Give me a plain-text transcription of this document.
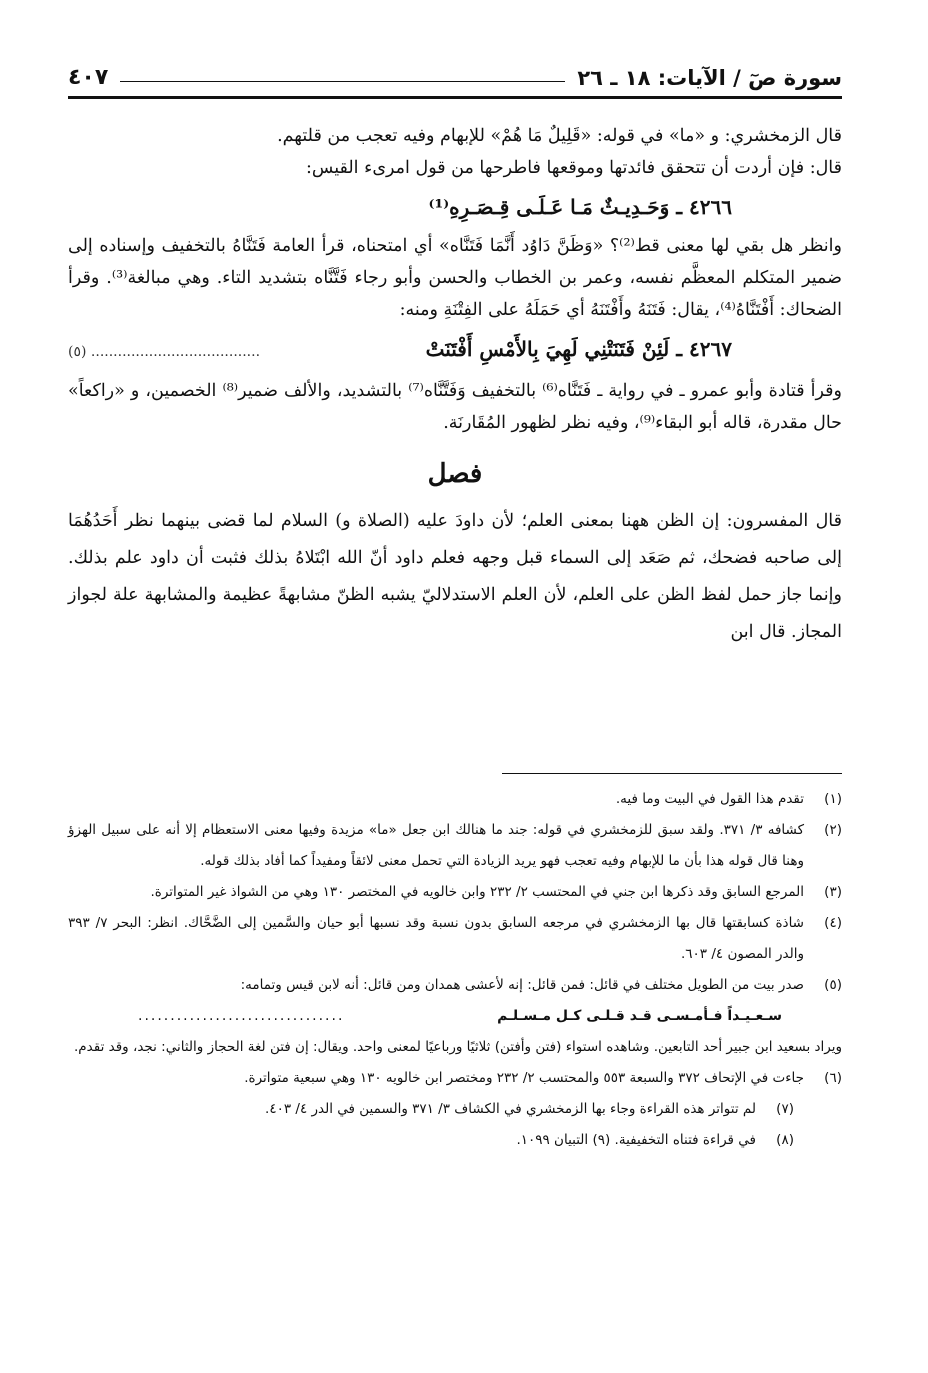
سورة صٓ / الآيات: ١٨ ـ ٢٦
٤٠٧

قال الزمخشري: و «ما» في قوله: «قَلِيلٌ مَا هُمْ» للإبهام وفيه تعجب من قلتهم.

قال: فإن أردت أن تتحقق فائدتها وموقعها فاطرحها من قول امرىء القيس:

٤٢٦٦ ـ وَحَـدِيـثٌ مَـا عَـلَـى قِـصَـرِهِ⁽¹⁾

وانظر هل بقي لها معنى قط⁽²⁾؟ «وَظَنَّ دَاوُد أَنَّمَا فَتَنَّاه» أي امتحناه، قرأ العامة فَتَنَّاهُ بالتخفيف وإسناده إلى ضمير المتكلم المعظَّم نفسه، وعمر بن الخطاب والحسن وأبو رجاء فَتَّنَّاه بتشديد التاء. وهي مبالغة⁽³⁾. وقرأ الضحاك: أَفْتَنَّاهُ⁽⁴⁾، يقال: فَتَنَهُ وأَفْتَنَهُ أي حَمَلَهُ على الفِتْنَةِ ومنه:

٤٢٦٧ ـ لَئِنْ فَتَنَتْنِي لَهِيَ بِالأَمْسِ أَفْتَنَتْ
...................................... (٥)

وقرأ قتادة وأبو عمرو ـ في رواية ـ فَتَنَّاه⁽⁶⁾ بالتخفيف وَفَتَّنَّاه⁽⁷⁾ بالتشديد، والألف ضمير⁽⁸⁾ الخصمين، و «راكعاً» حال مقدرة، قاله أبو البقاء⁽⁹⁾، وفيه نظر لظهور المُقَارنَة.

فصل

قال المفسرون: إن الظن ههنا بمعنى العلم؛ لأن داودَ عليه (الصلاة و) السلام لما قضى بينهما نظر أَحَدُهُمَا إلى صاحبه فضحك، ثم صَعَد إلى السماء قبل وجهه فعلم داود أنّ الله ابْتَلاهُ بذلك فثبت أن داود علم بذلك. وإنما جاز حمل لفظ الظن على العلم، لأن العلم الاستدلاليّ يشبه الظنّ مشابهةً عظيمة والمشابهة علة لجواز المجاز. قال ابن

(١)
تقدم هذا القول في البيت وما فيه.
(٢)
كشافه ٣/ ٣٧١. ولقد سبق للزمخشري في قوله: جند ما هنالك ابن جعل «ما» مزيدة وفيها معنى الاستعظام إلا أنه على سبيل الهزؤ وهنا قال قوله هذا بأن ما للإبهام وفيه تعجب فهو يريد الزيادة التي تحمل معنى لائقاً ومفيداً كما أفاد بذلك قوله.
(٣)
المرجع السابق وقد ذكرها ابن جني في المحتسب ٢/ ٢٣٢ وابن خالويه في المختصر ١٣٠ وهي من الشواذ غير المتواترة.
(٤)
شاذة كسابقتها قال بها الزمخشري في مرجعه السابق بدون نسبة وقد نسبها أبو حيان والسَّمين إلى الضَّحَّاك. انظر: البحر ٧/ ٣٩٣ والدر المصون ٤/ ٦٠٣.
(٥)
صدر بيت من الطويل مختلف في قائل: فمن قائل: إنه لأعشى همدان ومن قائل: أنه لابن قيس وتمامه:
سـعـيـداً فـأمـسـى قـد قـلـى كـل مـسـلـم
................................
ويراد بسعيد ابن جبير أحد التابعين. وشاهده استواء (فتن وأفتن) ثلاثيًا ورباعيًا لمعنى واحد. ويقال: إن فتن لغة الحجاز والثاني: نجد، وقد تقدم.
(٦)
جاءت في الإتحاف ٣٧٢ والسبعة ٥٥٣ والمحتسب ٢/ ٢٣٢ ومختصر ابن خالويه ١٣٠ وهي سبعية متواترة.
(٧)
لم تتواتر هذه القراءة وجاء بها الزمخشري في الكشاف ٣/ ٣٧١ والسمين في الدر ٤/ ٤٠٣.
(٨)
في قراءة فتناه التخفيفية. (٩) التبيان ١٠٩٩.
